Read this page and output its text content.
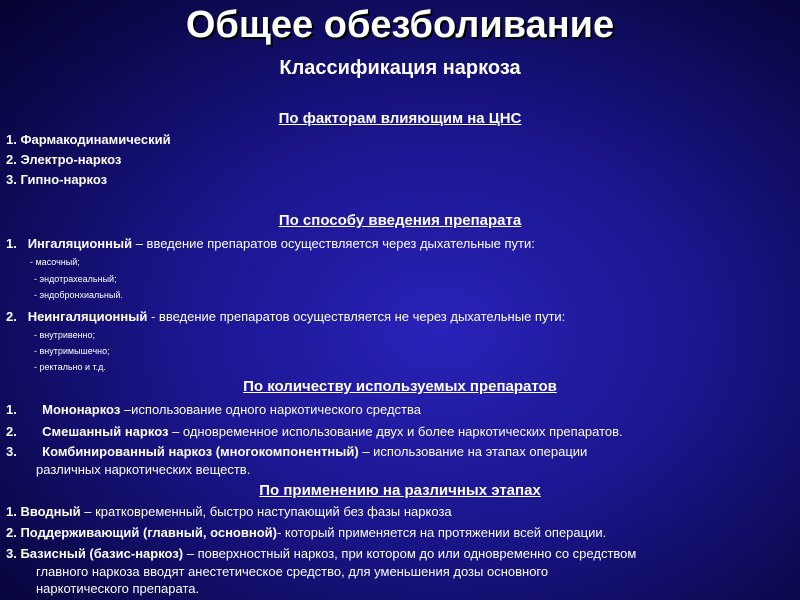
Общее обезболивание
Классификация наркоза
По факторам влияющим на ЦНС
1. Фармакодинамический
2. Электро-наркоз
3. Гипно-наркоз
По способу введения препарата
1. Ингаляционный – введение препаратов осуществляется через дыхательные пути:
- масочный;
- эндотрахеальный;
- эндобронхиальный.
2. Неингаляционный - введение препаратов осуществляется не через дыхательные пути:
- внутривенно;
- внутримышечно;
- ректально и т.д.
По количеству используемых препаратов
1. Мононаркоз –использование одного наркотического средства
2. Смешанный наркоз – одновременное использование двух и более наркотических препаратов.
3. Комбинированный наркоз (многокомпонентный) – использование на этапах операции
различных наркотических веществ.
По применению на различных этапах
1. Вводный – кратковременный, быстро наступающий без фазы наркоза
2. Поддерживающий (главный, основной)- который применяется на протяжении всей операции.
3. Базисный (базис-наркоз) – поверхностный наркоз, при котором до или одновременно со средством
главного наркоза вводят анестетическое средство, для уменьшения дозы основного
наркотического препарата.
